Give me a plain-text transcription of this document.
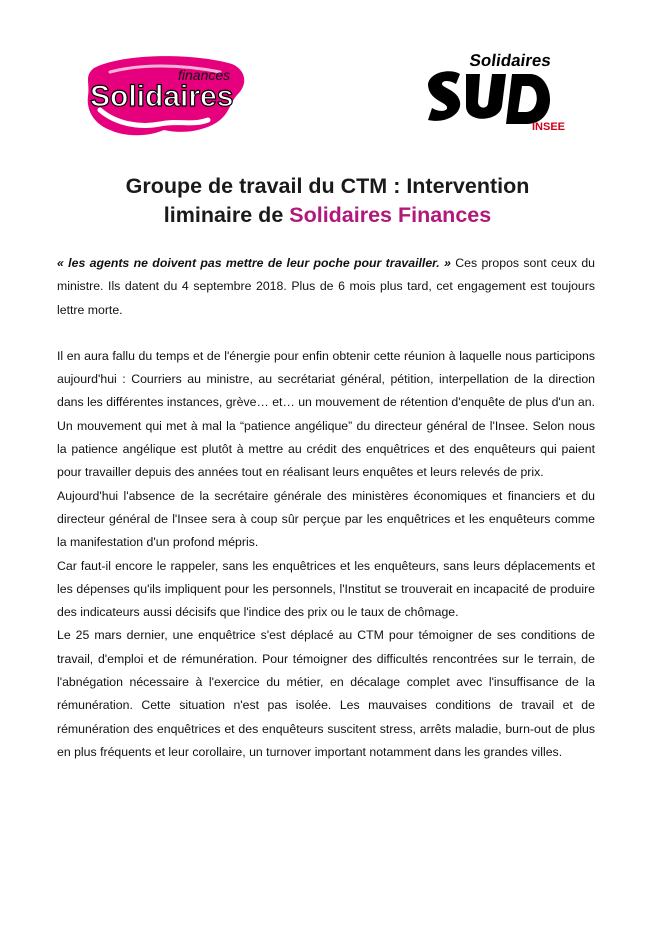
Solidaires
finances
Solidaires
INSEE
Groupe de travail du CTM : Intervention
liminaire de Solidaires Finances

« les agents ne doivent pas mettre de leur poche pour travailler. » Ces propos sont ceux du ministre. Ils datent du 4 septembre 2018. Plus de 6 mois plus tard, cet engagement est toujours lettre morte.

Il en aura fallu du temps et de l'énergie pour enfin obtenir cette réunion à laquelle nous participons aujourd'hui : Courriers au ministre, au secrétariat général, pétition, interpellation de la direction dans les différentes instances, grève… et… un mouvement de rétention d'enquête de plus d'un an. Un mouvement qui met à mal la “patience angélique” du directeur général de l'Insee. Selon nous la patience angélique est plutôt à mettre au crédit des enquêtrices et des enquêteurs qui paient pour travailler depuis des années tout en réalisant leurs enquêtes et leurs relevés de prix.

Aujourd'hui l'absence de la secrétaire générale des ministères économiques et financiers et du directeur général de l'Insee sera à coup sûr perçue par les enquêtrices et les enquêteurs comme la manifestation d'un profond mépris.

Car faut-il encore le rappeler, sans les enquêtrices et les enquêteurs, sans leurs déplacements et les dépenses qu'ils impliquent pour les personnels, l'Institut se trouverait en incapacité de produire des indicateurs aussi décisifs que l'indice des prix ou le taux de chômage.

Le 25 mars dernier, une enquêtrice s'est déplacé au CTM pour témoigner de ses conditions de travail, d'emploi et de rémunération. Pour témoigner des difficultés rencontrées sur le terrain, de l'abnégation nécessaire à l'exercice du métier, en décalage complet avec l'insuffisance de la rémunération. Cette situation n'est pas isolée. Les mauvaises conditions de travail et de rémunération des enquêtrices et des enquêteurs suscitent stress, arrêts maladie, burn-out de plus en plus fréquents et leur corollaire, un turnover important notamment dans les grandes villes.
